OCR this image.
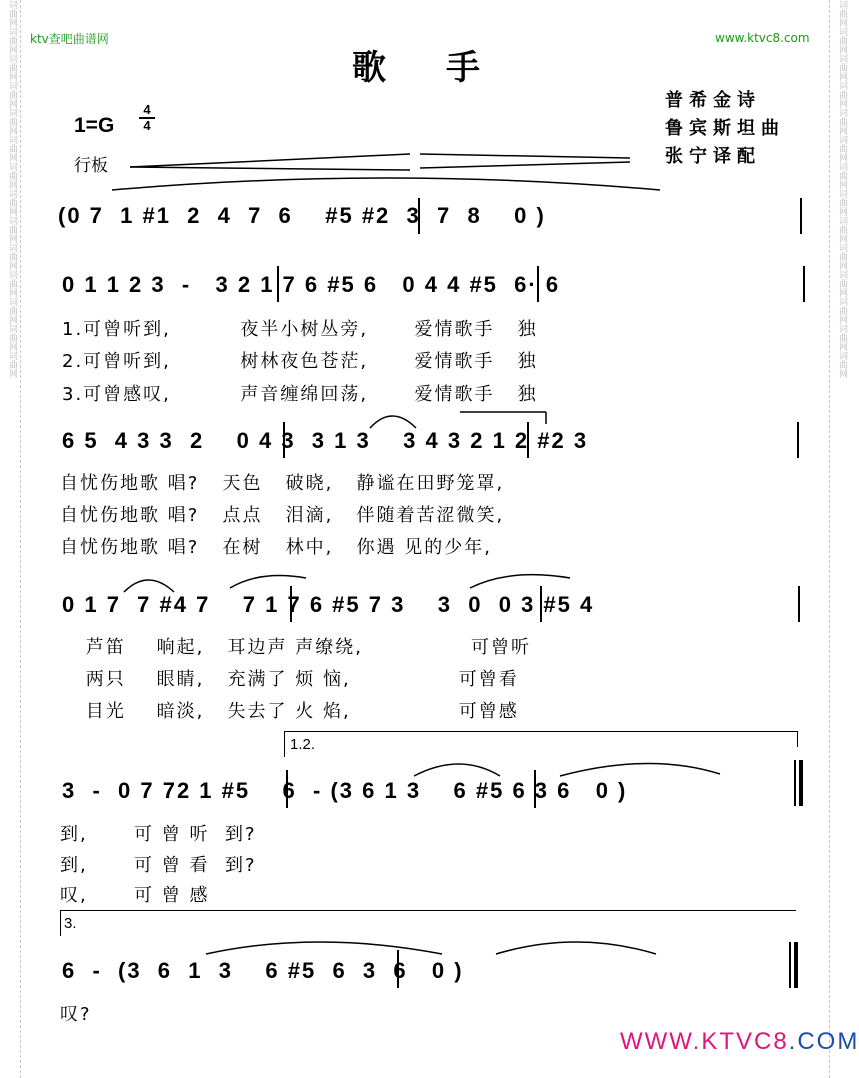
词曲网词曲网词曲网词曲网词曲网词曲网词曲网词曲网词曲网词曲网词曲网词曲网词曲网词曲网	词曲网词曲网词曲网词曲网词曲网词曲网词曲网词曲网词曲网词曲网词曲网词曲网词曲网词曲网
ktv查吧曲谱网	www.ktvc8.com
歌手
普希金诗
鲁宾斯坦曲
张宁译配
1=G
4
4
行板
(0 7  1 #1  2  4  7  6    #5 #2  3  7  8    0 )
0 1 1 2 3  -   3 2 1 7 6 #5 6   0 4 4 #5  6· 6
1.可曾听到,         夜半小树丛旁,      爱情歌手   独
2.可曾听到,         树林夜色苍茫,      爱情歌手   独
3.可曾感叹,         声音缠绵回荡,      爱情歌手   独
6 5  4 3 3  2    0 4 3  3 1 3    3 4 3 2 1 2 #2 3
自忧伤地歌 唱?   天色   破晓,   静谧在田野笼罩,
自忧伤地歌 唱?   点点   泪滴,   伴随着苦涩微笑,
自忧伤地歌 唱?   在树   林中,   你遇 见的少年,
0 1 7  7 #4 7    7 1 7 6 #5 7 3    3  0  0 3 #5 4
芦笛    响起,   耳边声 声缭绕,              可曾听
两只    眼睛,   充满了 烦 恼,              可曾看
目光    暗淡,   失去了 火 焰,              可曾感
1.2.
3  -  0 7 72 1 #5    6  - (3 6 1 3    6 #5 6 3 6   0 )
到,      可 曾 听  到?
到,      可 曾 看  到?
叹,      可 曾 感
3.
6  -  (3  6  1  3    6 #5  6  3  6   0 )
叹?
WWW.KTVC8.COM
